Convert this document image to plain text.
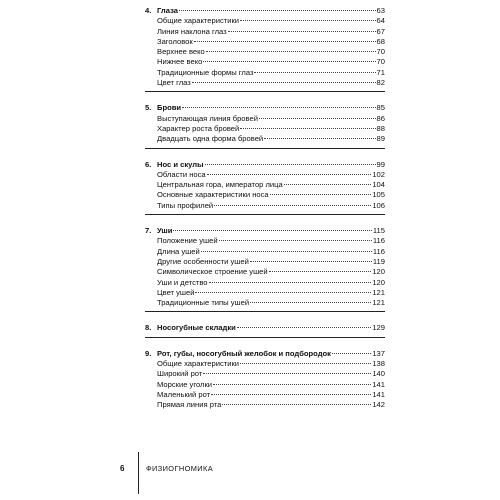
4. Глаза	63
Общие характеристики	64
Линия наклона глаз	67
Заголовок	68
Верхнее веко	70
Нижнее веко	70
Традиционные формы глаз	71
Цвет глаз	82
5. Брови	85
Выступающая линия бровей	86
Характер роста бровей	88
Двадцать одна форма бровей	89
6. Нос и скулы	99
Области носа	102
Центральная гора, император лица	104
Основные характеристики носа	105
Типы профилей	106
7. Уши	115
Положение ушей	116
Длина ушей	116
Другие особенности ушей	119
Символическое строение ушей	120
Уши и детство	120
Цвет ушей	121
Традиционные типы ушей	121
8. Носогубные складки	129
9. Рот, губы, носогубный желобок и подбородок	137
Общие характеристики	138
Широкий рот	140
Морские уголки	141
Маленький рот	141
Прямая линия рта	142
6	ФИЗИОГНОМИКА
